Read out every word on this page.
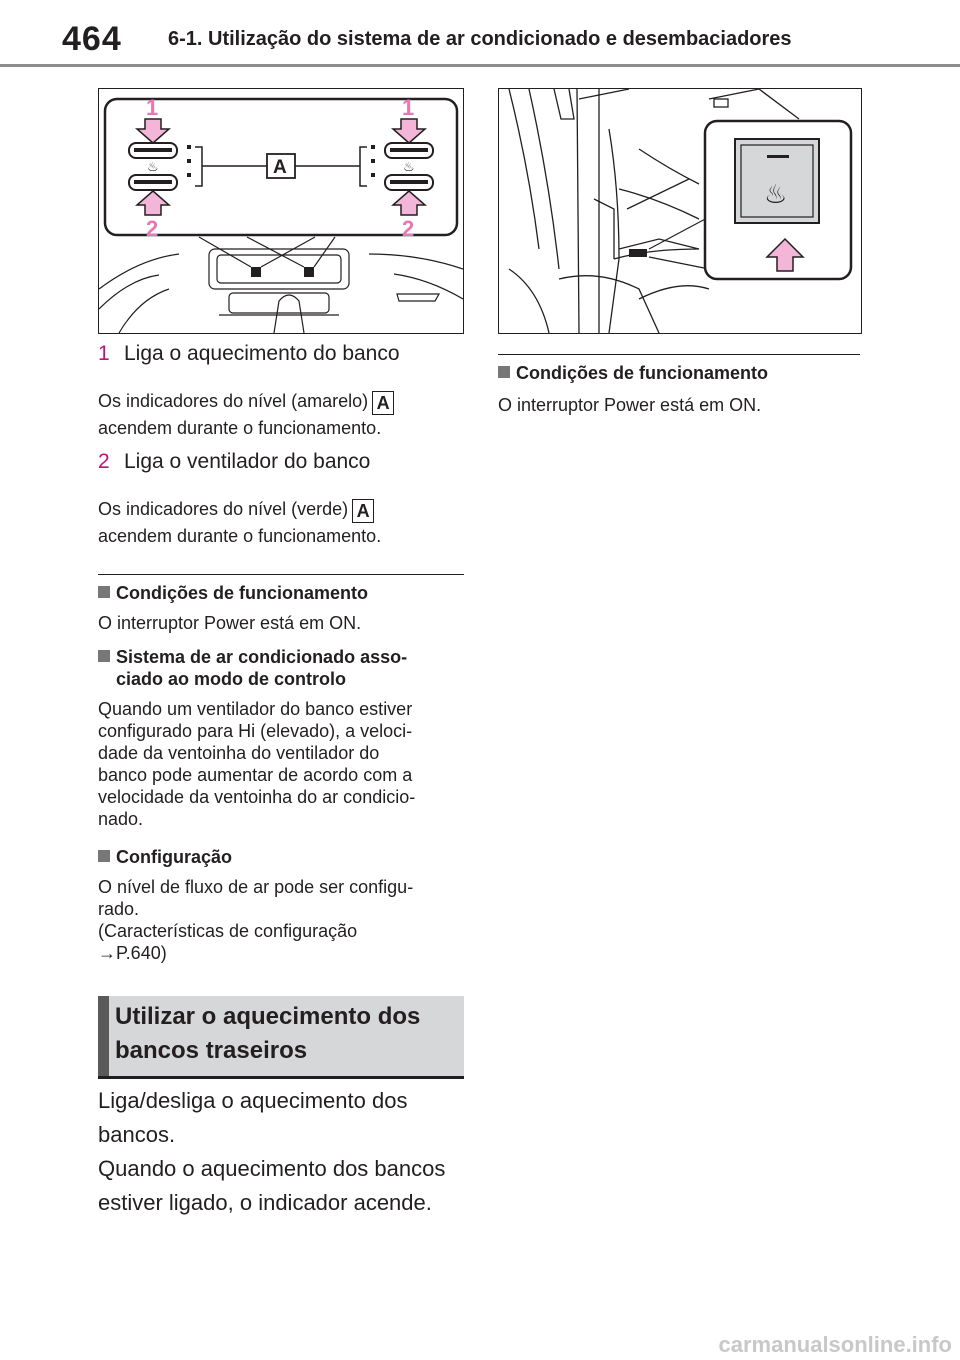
464 6-1. Utilização do sistema de ar condicionado e desembaciadores
♨	♨
A
1	1
2	2
♨
1 Liga o aquecimento do banco
Os indicadores do nível (amarelo) A
acendem durante o funcionamento.
2 Liga o ventilador do banco
Os indicadores do nível (verde) A
acendem durante o funcionamento.
Condições de funcionamento
O interruptor Power está em ON.
Sistema de ar condicionado asso-
ciado ao modo de controlo
Quando um ventilador do banco estiver
configurado para Hi (elevado), a veloci-
dade da ventoinha do ventilador do
banco pode aumentar de acordo com a
velocidade da ventoinha do ar condicio-
nado.
Configuração
O nível de fluxo de ar pode ser configu-
rado.
(Características de configuração
→P.640)
Utilizar o aquecimento dos
bancos traseiros
Liga/desliga o aquecimento dos
bancos.
Quando o aquecimento dos bancos
estiver ligado, o indicador acende.
Condições de funcionamento
O interruptor Power está em ON.
carmanualsonline.info
